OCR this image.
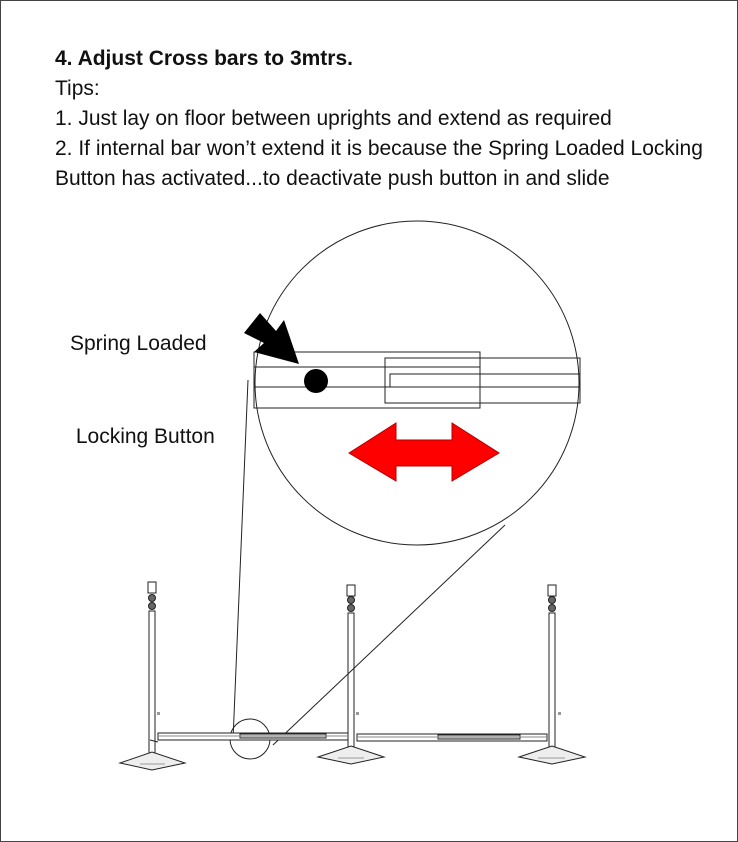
4. Adjust Cross bars to 3mtrs.
Tips:
1. Just lay on floor between uprights and extend as required
2. If internal bar won’t extend it is because the Spring Loaded Locking Button has activated...to deactivate push button in and slide

Spring Loaded

Locking Button
